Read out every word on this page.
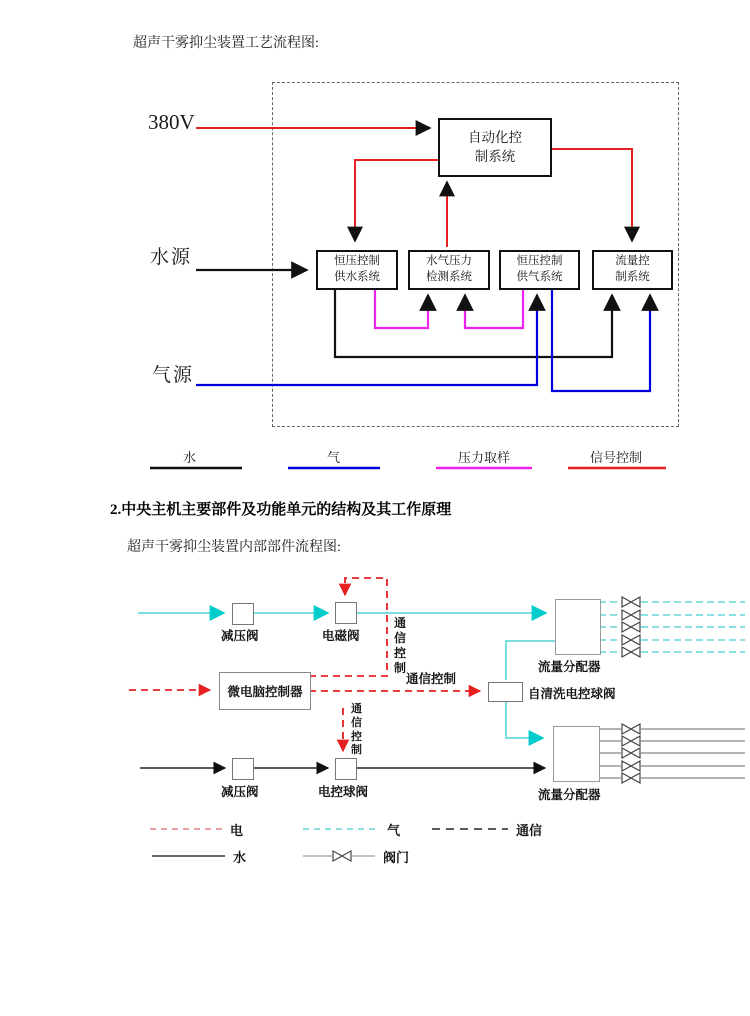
超声干雾抑尘装置工艺流程图:
380V
水源
气源
自动化控
制系统
恒压控制
供水系统
水气压力
检测系统
恒压控制
供气系统
流量控
制系统
水	气	压力取样	信号控制
2.中央主机主要部件及功能单元的结构及其工作原理
超声干雾抑尘装置内部部件流程图:
减压阀	电磁阀
通信控制	流量分配器
微电脑控制器
通信控制
自清洗电控球阀
通信控制
减压阀	电控球阀	流量分配器
电	气	通信
水	阀门
